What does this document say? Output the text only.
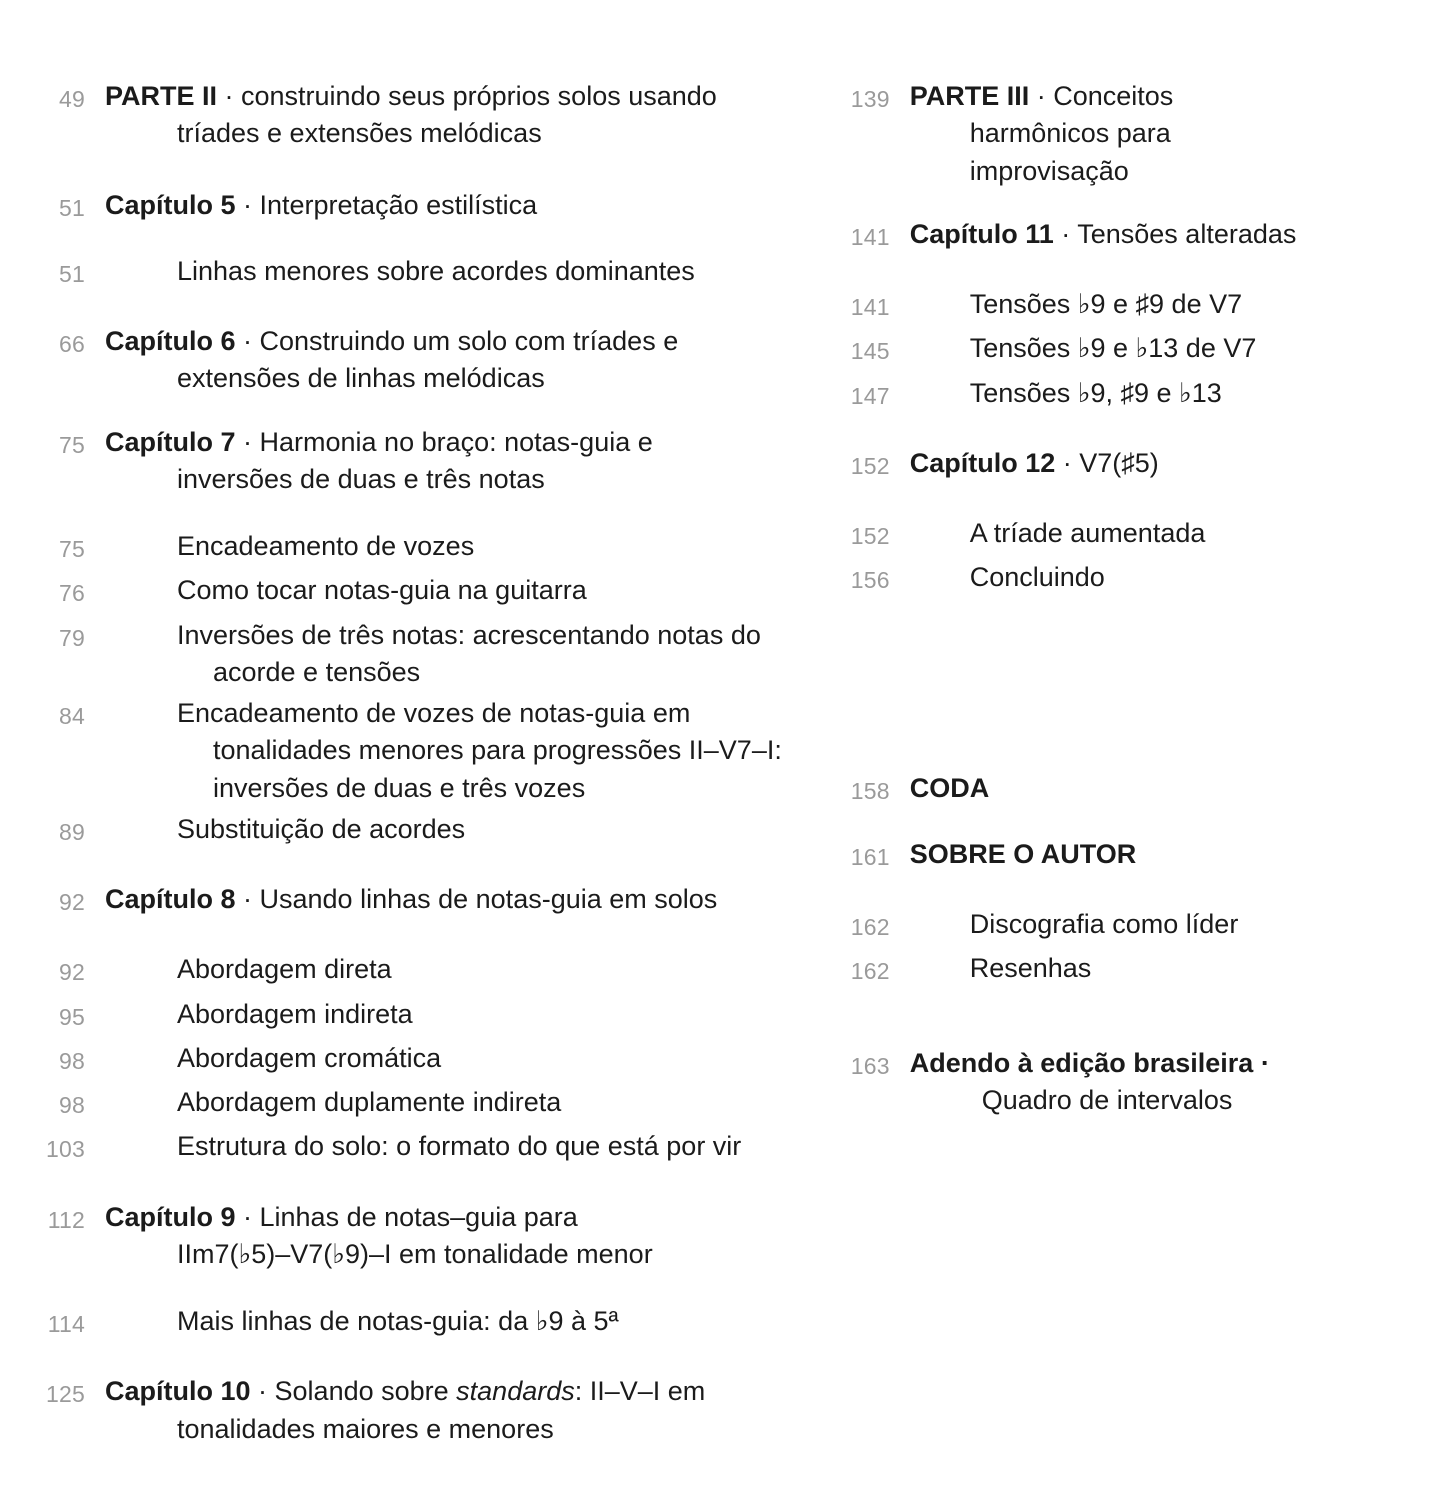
49 PARTE II · construindo seus próprios solos usando
tríades e extensões melódicas
51 Capítulo 5 · Interpretação estilística
51	Linhas menores sobre acordes dominantes
66 Capítulo 6 · Construindo um solo com tríades e
extensões de linhas melódicas
75 Capítulo 7 · Harmonia no braço: notas-guia e
inversões de duas e três notas
75	Encadeamento de vozes
76	Como tocar notas-guia na guitarra
79	Inversões de três notas: acrescentando notas do
acorde e tensões
84	Encadeamento de vozes de notas-guia em
tonalidades menores para progressões II–V7–I:
inversões de duas e três vozes
89	Substituição de acordes
92 Capítulo 8 · Usando linhas de notas-guia em solos
92	Abordagem direta
95	Abordagem indireta
98	Abordagem cromática
98	Abordagem duplamente indireta
103	Estrutura do solo: o formato do que está por vir
112 Capítulo 9 · Linhas de notas–guia para
IIm7(♭5)–V7(♭9)–I em tonalidade menor
114	Mais linhas de notas-guia: da ♭9 à 5ª
125 Capítulo 10 · Solando sobre standards: II–V–I em
tonalidades maiores e menores
139 PARTE III · Conceitos
harmônicos para
improvisação
141 Capítulo 11 · Tensões alteradas
141	Tensões ♭9 e ♯9 de V7
145	Tensões ♭9 e ♭13 de V7
147	Tensões ♭9, ♯9 e ♭13
152 Capítulo 12 · V7(♯5)
152	A tríade aumentada
156	Concluindo
158 CODA
161 SOBRE O AUTOR
162	Discografia como líder
162	Resenhas
163 Adendo à edição brasileira ·
Quadro de intervalos
